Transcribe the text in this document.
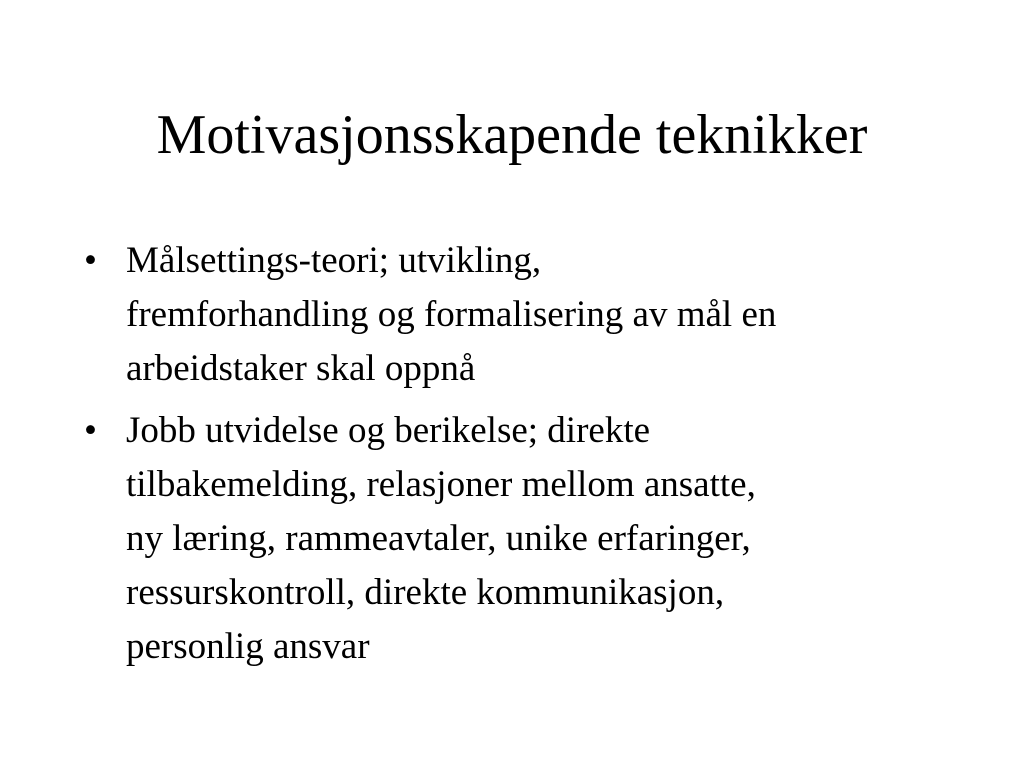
Motivasjonsskapende teknikker
• Målsettings-teori; utvikling,
fremforhandling og formalisering av mål en
arbeidstaker skal oppnå
• Jobb utvidelse og berikelse; direkte
tilbakemelding, relasjoner mellom ansatte,
ny læring, rammeavtaler, unike erfaringer,
ressurskontroll, direkte kommunikasjon,
personlig ansvar
